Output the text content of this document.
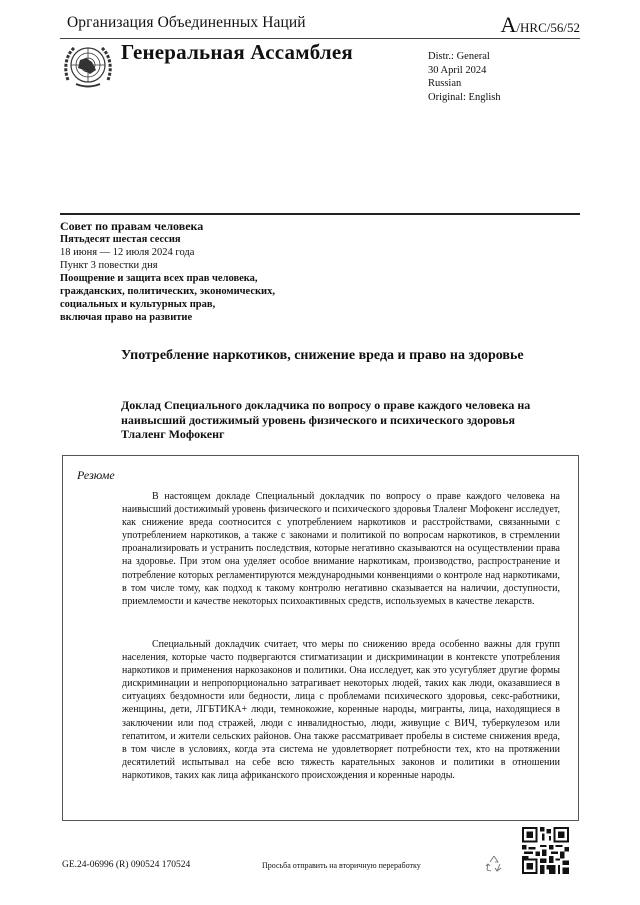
Организация Объединенных Наций	A/HRC/56/52
Генеральная Ассамблея	Distr.: General
30 April 2024
Russian
Original: English
Совет по правам человека
Пятьдесят шестая сессия
18 июня — 12 июля 2024 года
Пункт 3 повестки дня
Поощрение и защита всех прав человека,
гражданских, политических, экономических,
социальных и культурных прав,
включая право на развитие
Употребление наркотиков, снижение вреда и право на здоровье
Доклад Специального докладчика по вопросу о праве каждого человека на наивысший достижимый уровень физического и психического здоровья Тлаленг Мофокенг
Резюме
В настоящем докладе Специальный докладчик по вопросу о праве каждого человека на наивысший достижимый уровень физического и психического здоровья Тлаленг Мофокенг исследует, как снижение вреда соотносится с употреблением наркотиков и расстройствами, связанными с употреблением наркотиков, а также с законами и политикой по вопросам наркотиков, в стремлении проанализировать и устранить последствия, которые негативно сказываются на осуществлении права на здоровье. При этом она уделяет особое внимание наркотикам, производство, распространение и потребление которых регламентируются международными конвенциями о контроле над наркотиками, в том числе тому, как подход к такому контролю негативно сказывается на наличии, доступности, приемлемости и качестве некоторых психоактивных средств, используемых в качестве лекарств.
Специальный докладчик считает, что меры по снижению вреда особенно важны для групп населения, которые часто подвергаются стигматизации и дискриминации в контексте употребления наркотиков и применения наркозаконов и политики. Она исследует, как это усугубляет другие формы дискриминации и непропорционально затрагивает некоторых людей, таких как люди, оказавшиеся в ситуациях бездомности или бедности, лица с проблемами психического здоровья, секс-работники, женщины, дети, ЛГБТИКА+ люди, темнокожие, коренные народы, мигранты, лица, находящиеся в заключении или под стражей, люди с инвалидностью, люди, живущие с ВИЧ, туберкулезом или гепатитом, и жители сельских районов. Она также рассматривает пробелы в системе снижения вреда, в том числе в условиях, когда эта система не удовлетворяет потребности тех, кто на протяжении десятилетий испытывал на себе всю тяжесть карательных законов и политики в отношении наркотиков, таких как лица африканского происхождения и коренные народы.
GE.24-06996 (R) 090524 170524	Просьба отправить на вторичную переработку
